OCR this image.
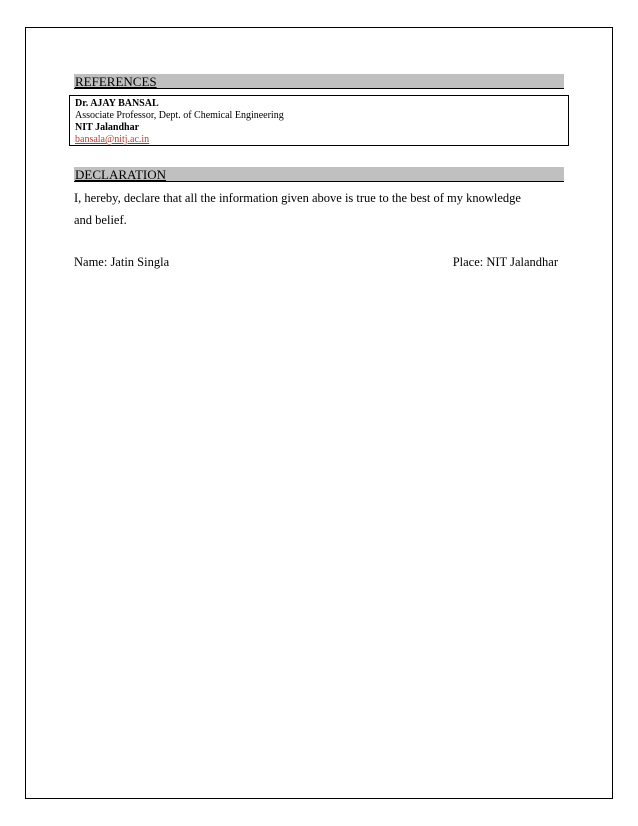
REFERENCES
Dr. AJAY BANSAL
Associate Professor, Dept. of Chemical Engineering
NIT Jalandhar
bansala@nitj.ac.in
DECLARATION
I, hereby, declare that all the information given above is true to the best of my knowledge
and belief.
Name: Jatin Singla	Place: NIT Jalandhar
